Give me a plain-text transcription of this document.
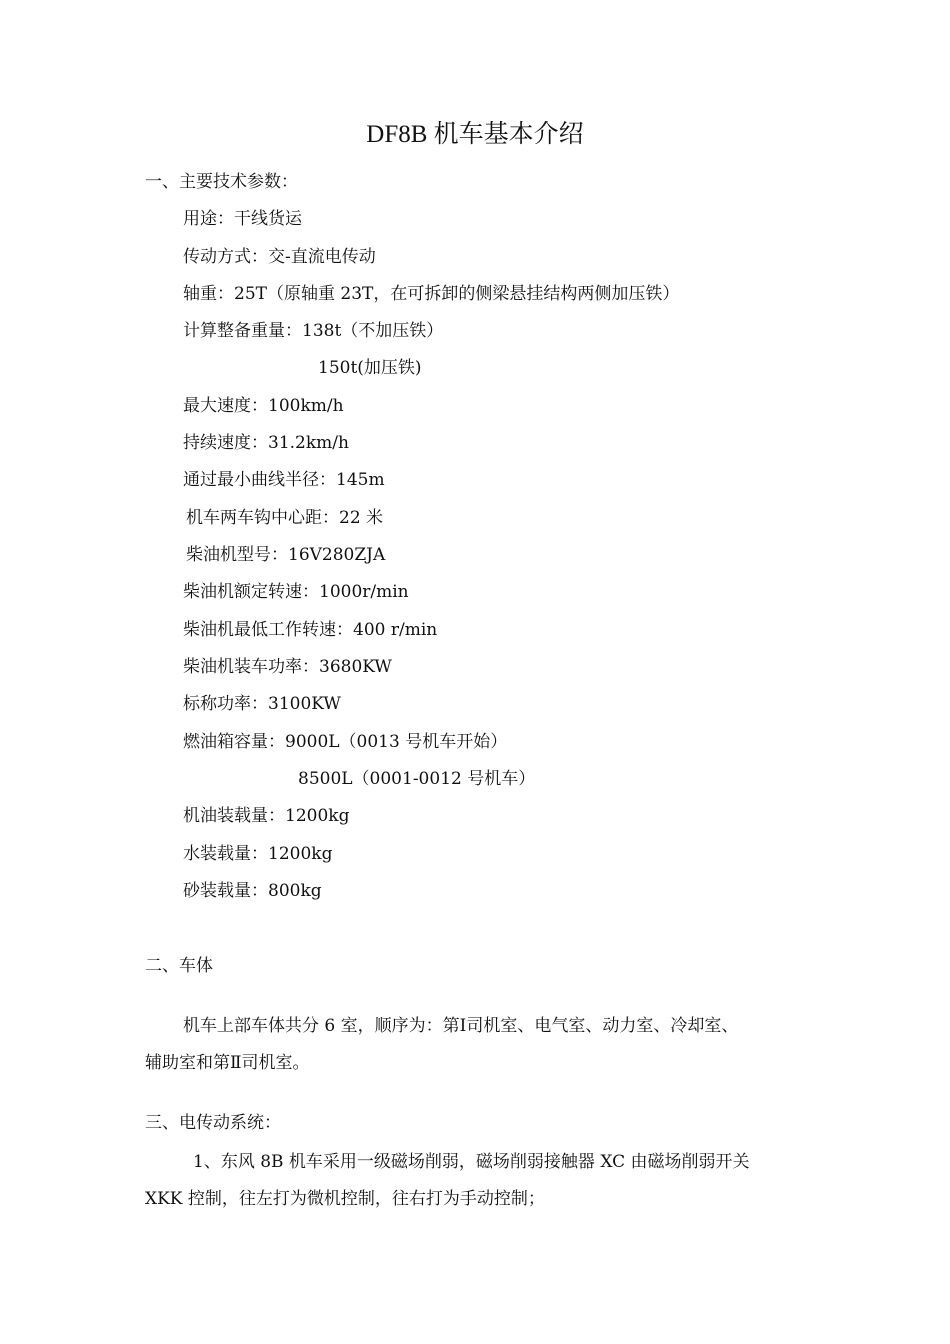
DF8B 机车基本介绍
一、主要技术参数：
用途：干线货运
传动方式：交-直流电传动
轴重：25T（原轴重 23T，在可拆卸的侧梁悬挂结构两侧加压铁）
计算整备重量：138t（不加压铁）
150t(加压铁)
最大速度：100km/h
持续速度：31.2km/h
通过最小曲线半径：145m
机车两车钩中心距：22 米
柴油机型号：16V280ZJA
柴油机额定转速：1000r/min
柴油机最低工作转速：400 r/min
柴油机装车功率：3680KW
标称功率：3100KW
燃油箱容量：9000L（0013 号机车开始）
8500L（0001-0012 号机车）
机油装载量：1200kg
水装载量：1200kg
砂装载量：800kg
二、车体
机车上部车体共分 6 室，顺序为：第Ⅰ司机室、电气室、动力室、冷却室、
辅助室和第Ⅱ司机室。
三、电传动系统：
1、东风 8B 机车采用一级磁场削弱，磁场削弱接触器 XC 由磁场削弱开关
XKK 控制，往左打为微机控制，往右打为手动控制；
